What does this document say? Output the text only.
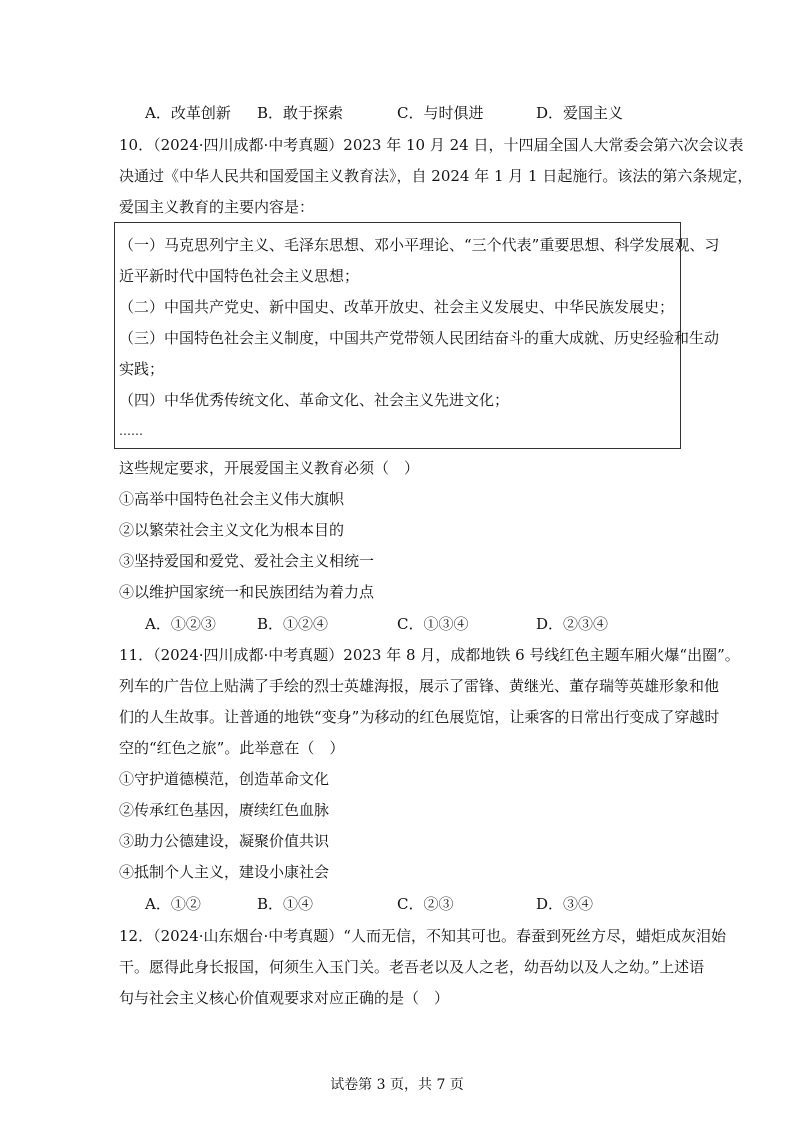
A．改革创新 B．敢于探索	C．与时俱进	D．爱国主义
10．（2024·四川成都·中考真题）2023 年 10 月 24 日，十四届全国人大常委会第六次会议表
决通过《中华人民共和国爱国主义教育法》，自 2024 年 1 月 1 日起施行。该法的第六条规定，
爱国主义教育的主要内容是：
（一）马克思列宁主义、毛泽东思想、邓小平理论、“三个代表”重要思想、科学发展观、习
近平新时代中国特色社会主义思想；
（二）中国共产党史、新中国史、改革开放史、社会主义发展史、中华民族发展史；
（三）中国特色社会主义制度，中国共产党带领人民团结奋斗的重大成就、历史经验和生动
实践；
（四）中华优秀传统文化、革命文化、社会主义先进文化；
……
这些规定要求，开展爱国主义教育必须（　）
①高举中国特色社会主义伟大旗帜
②以繁荣社会主义文化为根本目的
③坚持爱国和爱党、爱社会主义相统一
④以维护国家统一和民族团结为着力点
A．①②③	B．①②④	C．①③④	D．②③④
11．（2024·四川成都·中考真题）2023 年 8 月，成都地铁 6 号线红色主题车厢火爆“出圈”。
列车的广告位上贴满了手绘的烈士英雄海报，展示了雷锋、黄继光、董存瑞等英雄形象和他
们的人生故事。让普通的地铁“变身”为移动的红色展览馆，让乘客的日常出行变成了穿越时
空的“红色之旅”。此举意在（　）
①守护道德模范，创造革命文化
②传承红色基因，赓续红色血脉
③助力公德建设，凝聚价值共识
④抵制个人主义，建设小康社会
A．①②	B．①④	C．②③	D．③④
12．（2024·山东烟台·中考真题）“人而无信，不知其可也。春蚕到死丝方尽，蜡炬成灰泪始
干。愿得此身长报国，何须生入玉门关。老吾老以及人之老，幼吾幼以及人之幼。”上述语
句与社会主义核心价值观要求对应正确的是（　）
试卷第 3 页，共 7 页
